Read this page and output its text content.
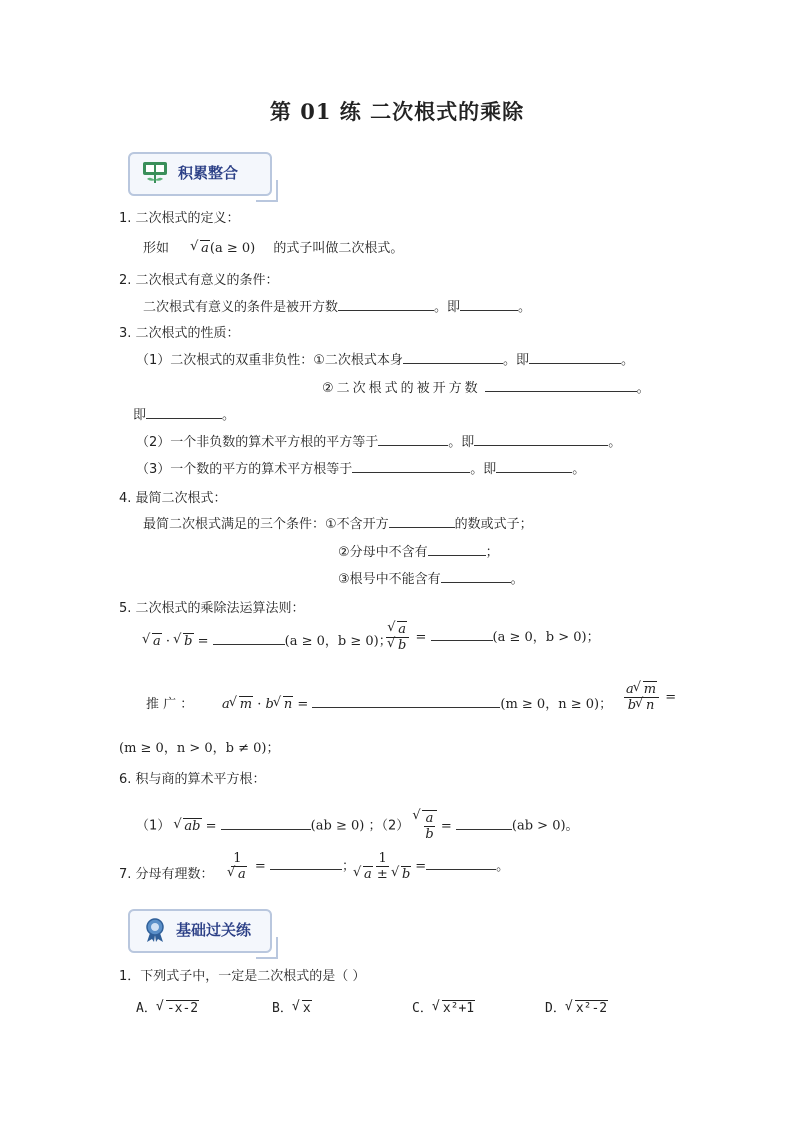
第 01 练 二次根式的乘除
积累整合
1. 二次根式的定义：
形如 √ a(a ≥ 0) 的式子叫做二次根式。
2. 二次根式有意义的条件：
二次根式有意义的条件是被开方数	。即	。
3. 二次根式的性质：
（1）二次根式的双重非负性：①二次根式本身	。即	。
②二次根式的被开方数	。
即	。
（2）一个非负数的算术平方根的平方等于	。即	。
（3）一个数的平方的算术平方根等于	。即	。
4. 最简二次根式：
最简二次根式满足的三个条件：①不含开方	的数或式子；
②分母中不含有	；
③根号中不能含有	。
5. 二次根式的乘除法运算法则：
√ a · √ b =	(a ≥ 0，b ≥ 0)；
√ a
√ b =	(a ≥ 0，b > 0)；
推 广 ： a √ m · b √ n =	(m ≥ 0，n ≥ 0)； $\frac{a √ m}{b √ n}$ =
(m ≥ 0，n > 0，b ≠ 0)；
6. 积与商的算术平方根：
（1） √ ab =	(ab ≥ 0) ；（2） √ $\frac{a}{b}$ =	(ab > 0)。
7. 分母有理数： 1
√ a =	；
1
√ a ± √ b =	。
基础过关练
1．下列式子中，一定是二次根式的是（ ）
A． √ -x-2	B． √ x	C． √ x²+1	D． √ x²-2
